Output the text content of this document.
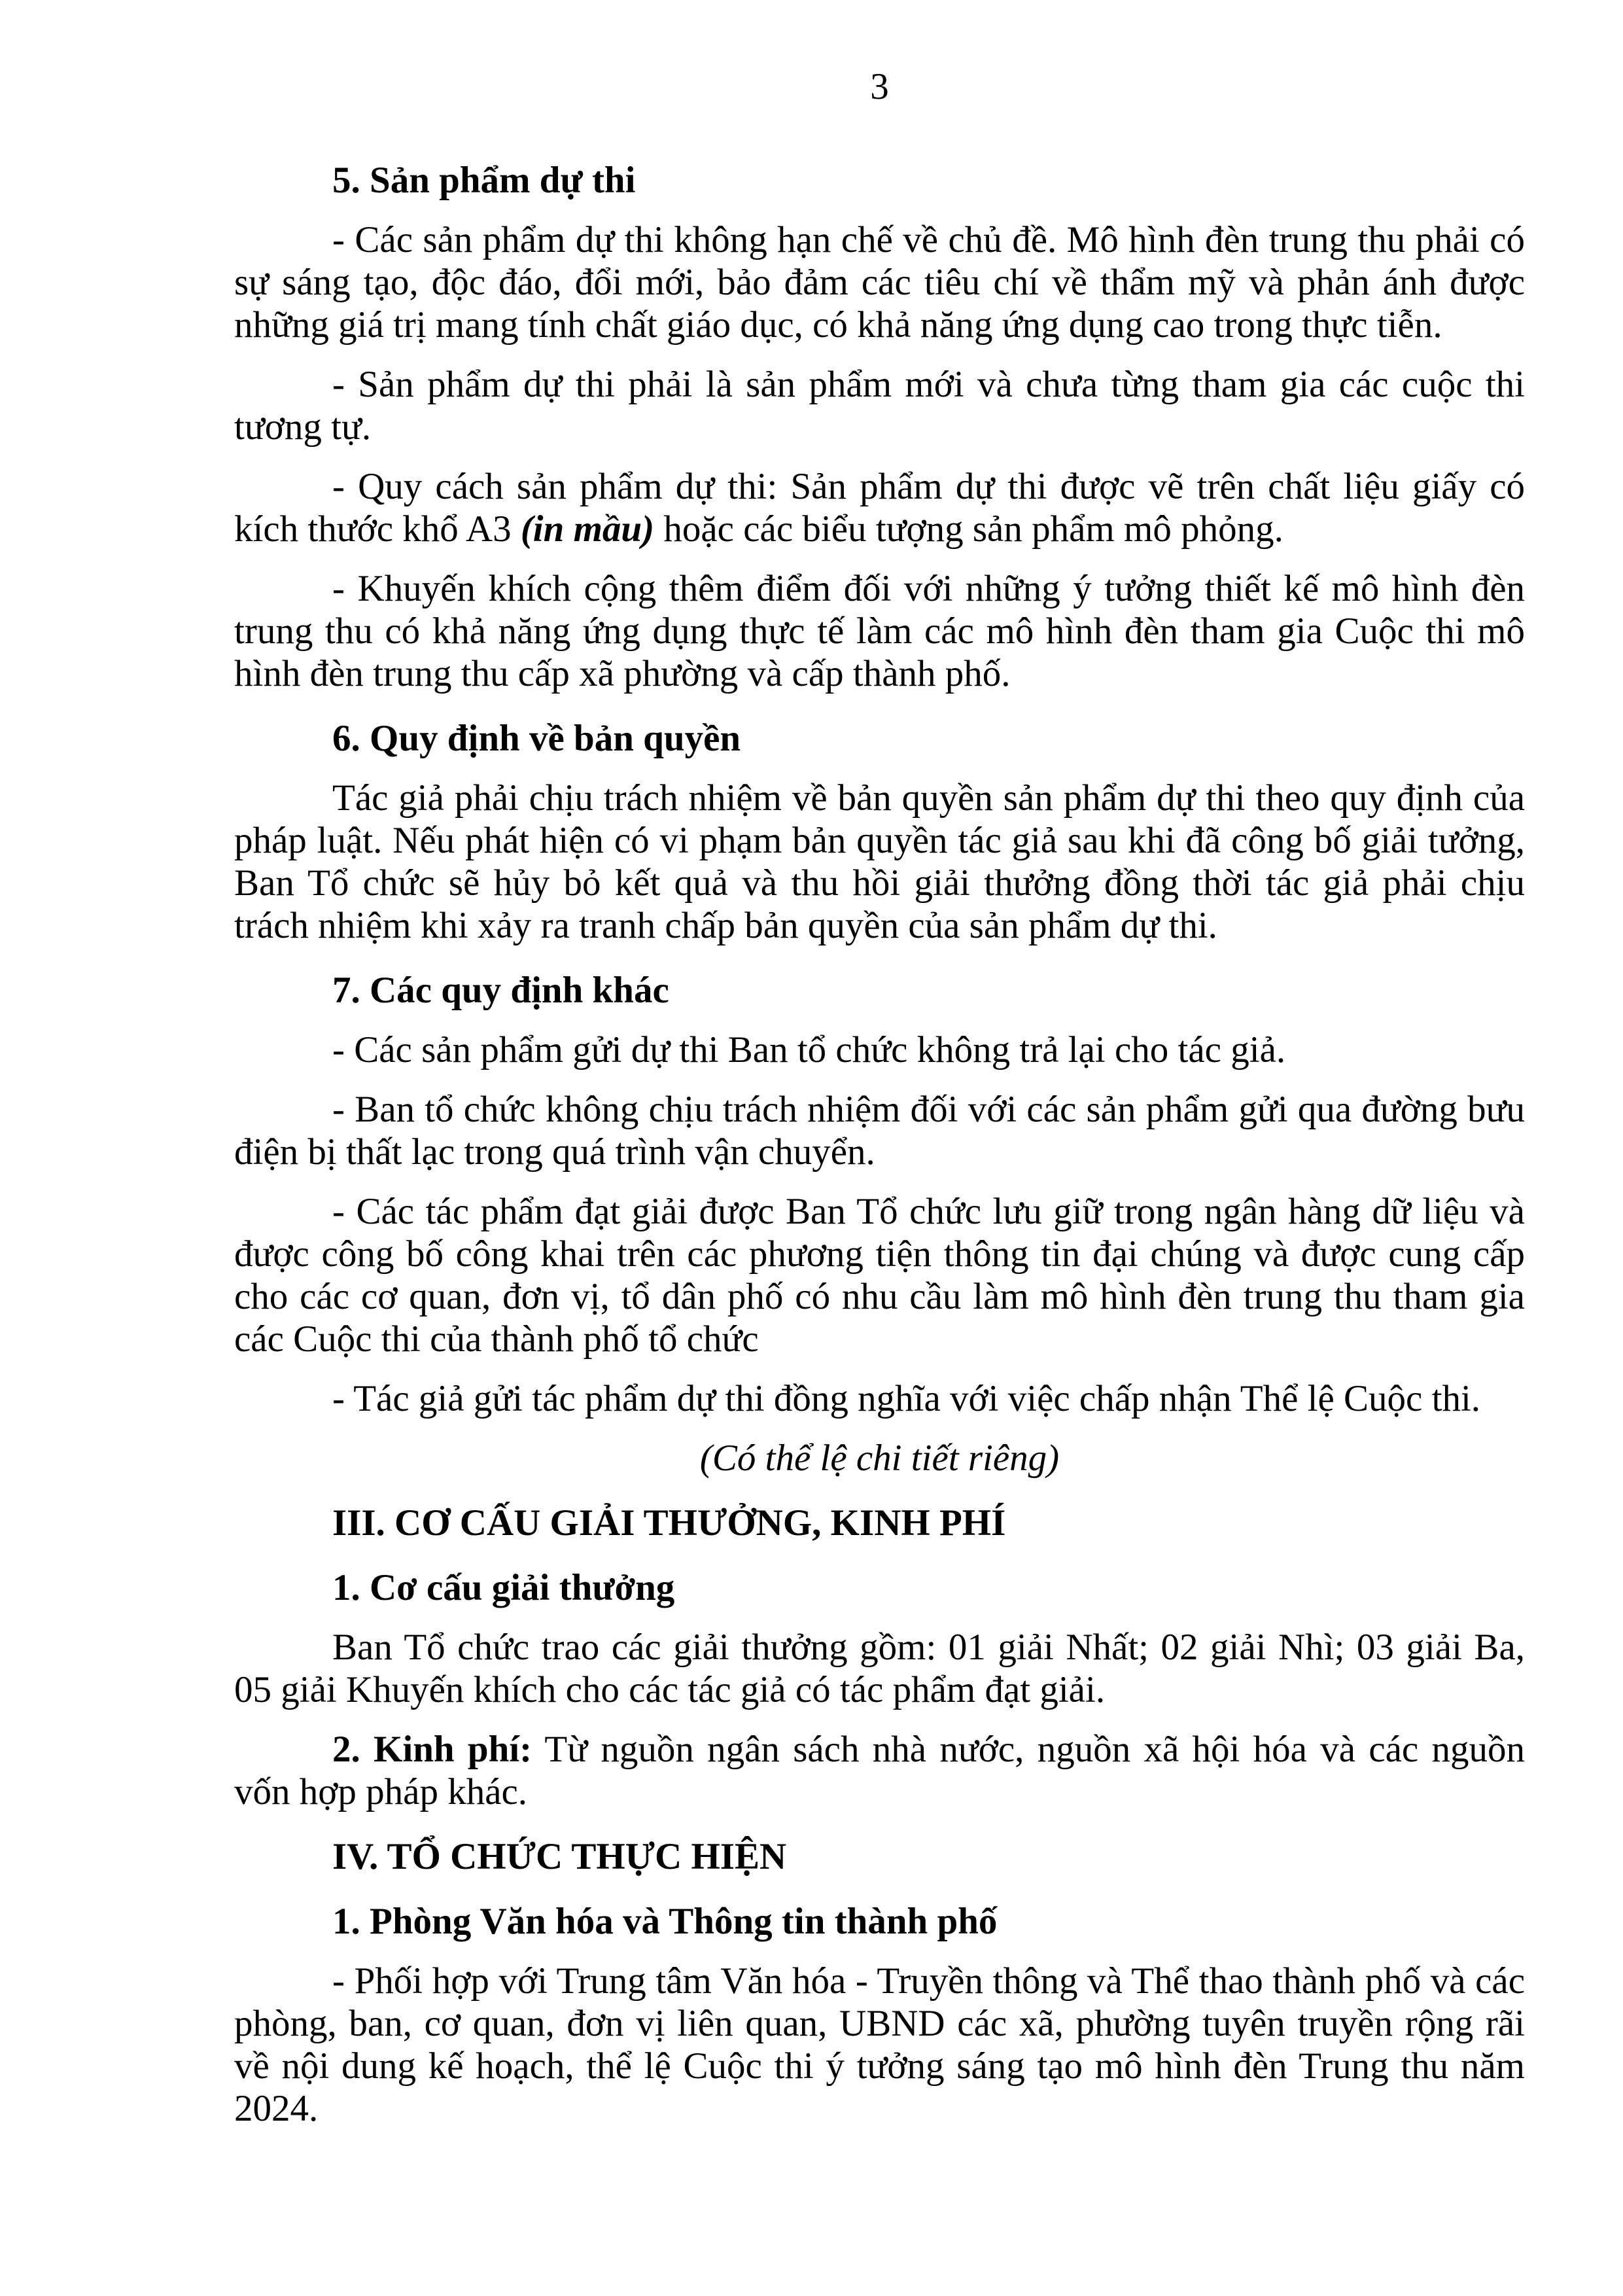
3

5. Sản phẩm dự thi

- Các sản phẩm dự thi không hạn chế về chủ đề. Mô hình đèn trung thu phải có sự sáng tạo, độc đáo, đổi mới, bảo đảm các tiêu chí về thẩm mỹ và phản ánh được những giá trị mang tính chất giáo dục, có khả năng ứng dụng cao trong thực tiễn.

- Sản phẩm dự thi phải là sản phẩm mới và chưa từng tham gia các cuộc thi tương tự.

- Quy cách sản phẩm dự thi: Sản phẩm dự thi được vẽ trên chất liệu giấy có kích thước khổ A3 (in mầu) hoặc các biểu tượng sản phẩm mô phỏng.

- Khuyến khích cộng thêm điểm đối với những ý tưởng thiết kế mô hình đèn trung thu có khả năng ứng dụng thực tế làm các mô hình đèn tham gia Cuộc thi mô hình đèn trung thu cấp xã phường và cấp thành phố.

6. Quy định về bản quyền

Tác giả phải chịu trách nhiệm về bản quyền sản phẩm dự thi theo quy định của pháp luật. Nếu phát hiện có vi phạm bản quyền tác giả sau khi đã công bố giải tưởng, Ban Tổ chức sẽ hủy bỏ kết quả và thu hồi giải thưởng đồng thời tác giả phải chịu trách nhiệm khi xảy ra tranh chấp bản quyền của sản phẩm dự thi.

7. Các quy định khác

- Các sản phẩm gửi dự thi Ban tổ chức không trả lại cho tác giả.

- Ban tổ chức không chịu trách nhiệm đối với các sản phẩm gửi qua đường bưu điện bị thất lạc trong quá trình vận chuyển.

- Các tác phẩm đạt giải được Ban Tổ chức lưu giữ trong ngân hàng dữ liệu và được công bố công khai trên các phương tiện thông tin đại chúng và được cung cấp cho các cơ quan, đơn vị, tổ dân phố có nhu cầu làm mô hình đèn trung thu tham gia các Cuộc thi của thành phố tổ chức

- Tác giả gửi tác phẩm dự thi đồng nghĩa với việc chấp nhận Thể lệ Cuộc thi.

(Có thể lệ chi tiết riêng)

III. CƠ CẤU GIẢI THƯỞNG, KINH PHÍ

1. Cơ cấu giải thưởng

Ban Tổ chức trao các giải thưởng gồm: 01 giải Nhất; 02 giải Nhì; 03 giải Ba, 05 giải Khuyến khích cho các tác giả có tác phẩm đạt giải.

2. Kinh phí: Từ nguồn ngân sách nhà nước, nguồn xã hội hóa và các nguồn vốn hợp pháp khác.

IV. TỔ CHỨC THỰC HIỆN

1. Phòng Văn hóa và Thông tin thành phố

- Phối hợp với Trung tâm Văn hóa - Truyền thông và Thể thao thành phố và các phòng, ban, cơ quan, đơn vị liên quan, UBND các xã, phường tuyên truyền rộng rãi về nội dung kế hoạch, thể lệ Cuộc thi ý tưởng sáng tạo mô hình đèn Trung thu năm 2024.
